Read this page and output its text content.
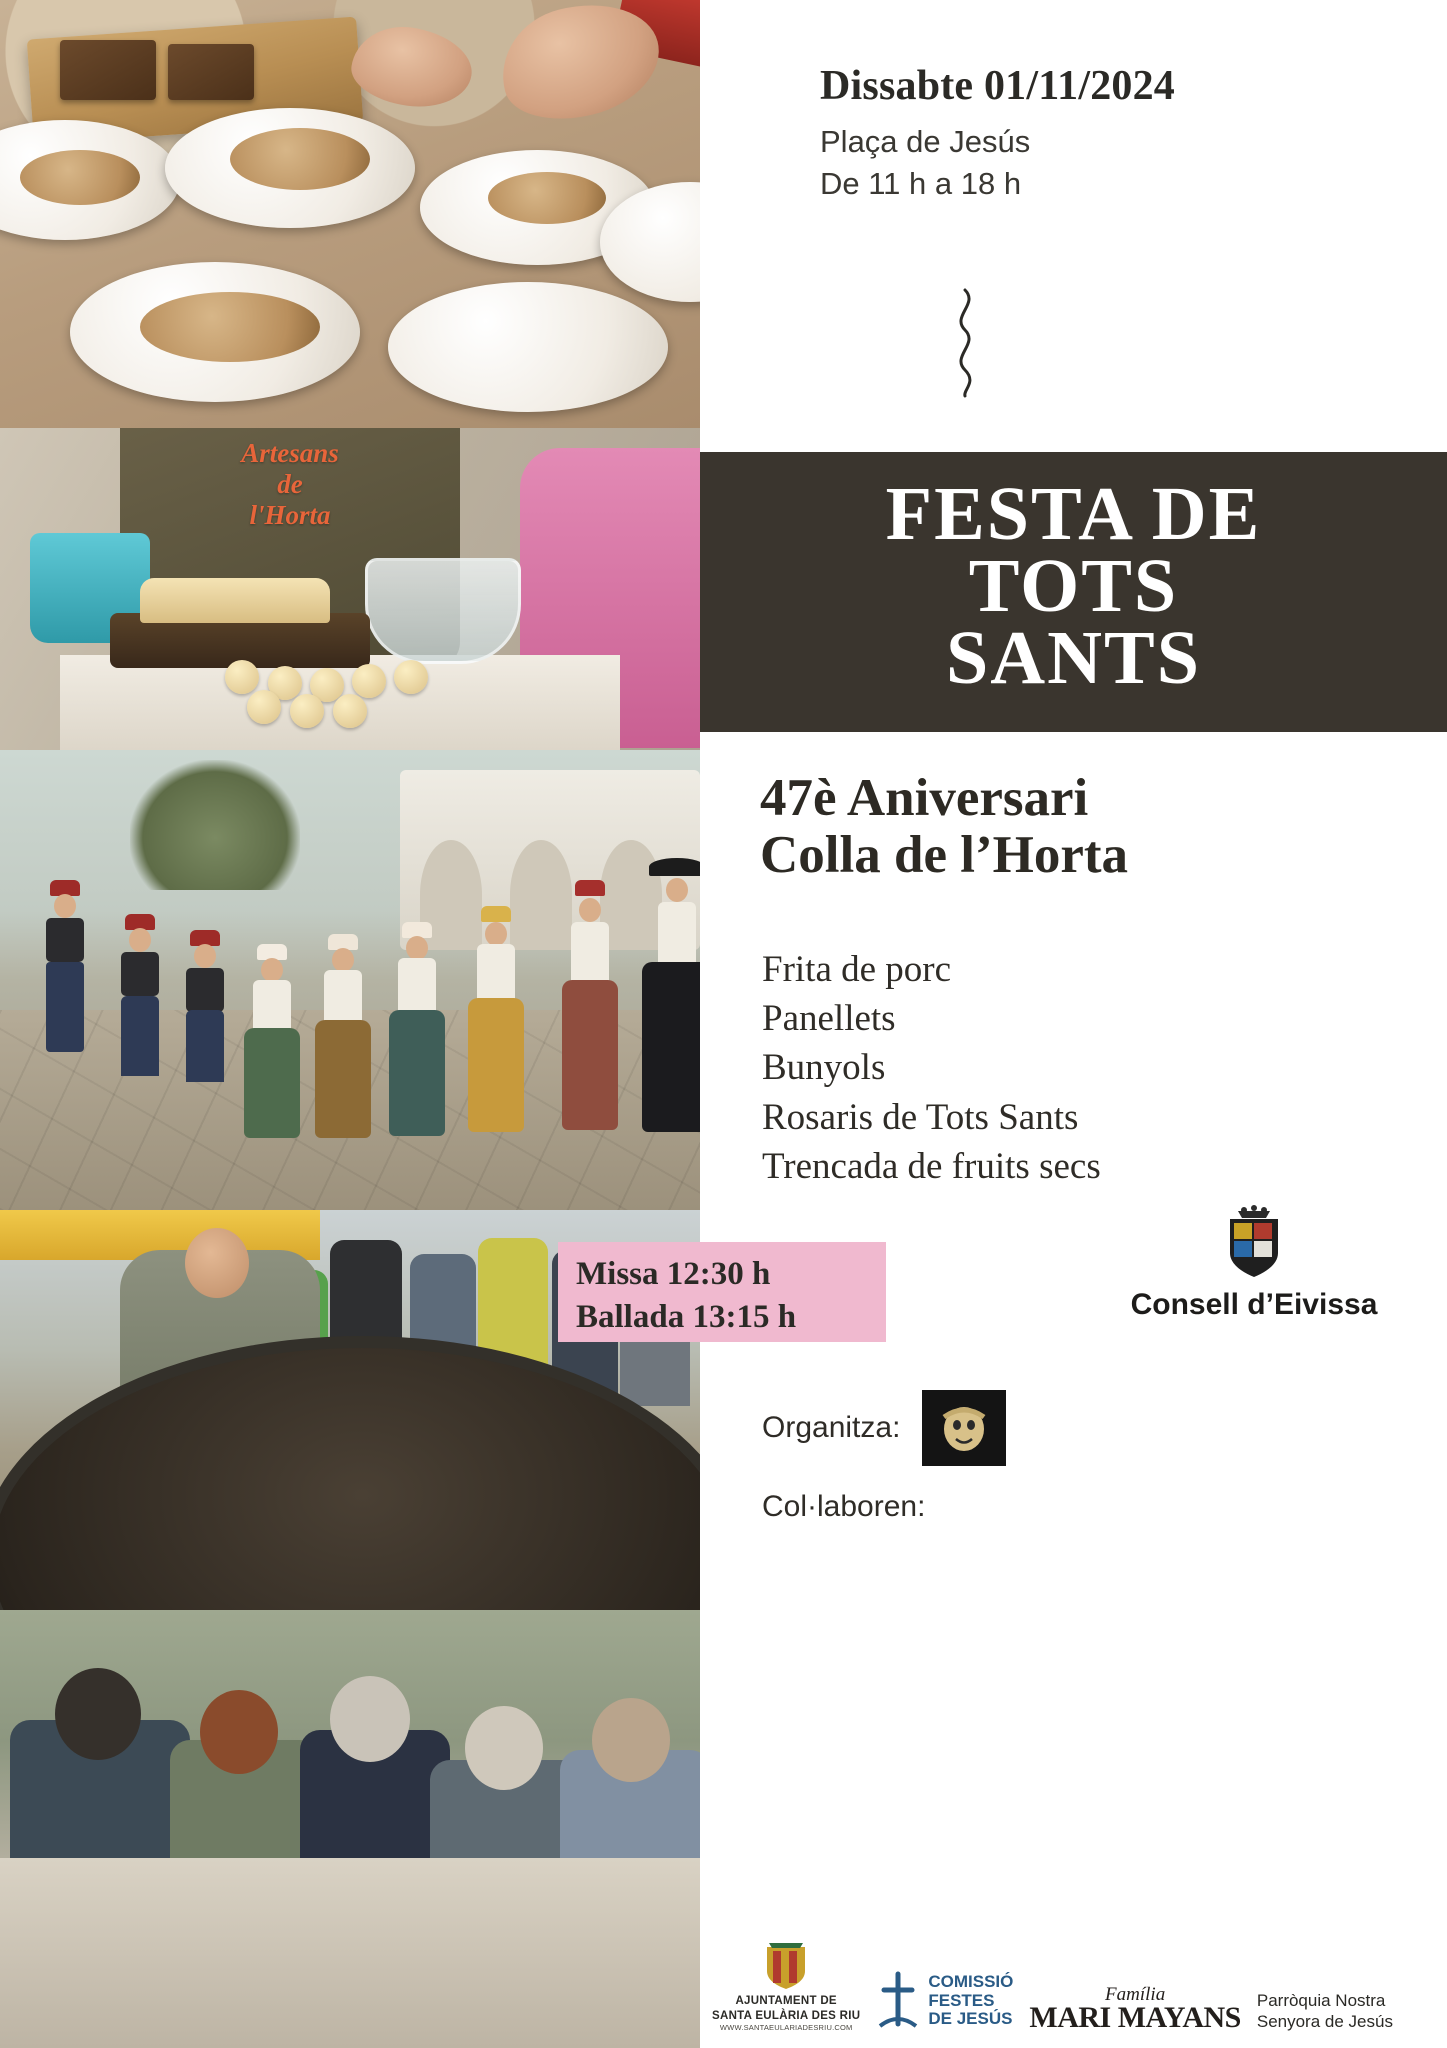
Artesans
de
l'Horta

Dissabte 01/11/2024

Plaça de Jesús

De 11 h a 18 h

FESTA DE

TOTS

SANTS

47è Aniversari
Colla de l’Horta
Frita de porc
Panellets
Bunyols
Rosaris de Tots Sants
Trencada de fruits secs
Missa 12:30 h
Ballada 13:15 h	Consell d’Eivissa
Organitza:
Col·laboren:
AJUNTAMENT DE
SANTA EULÀRIA DES RIU
WWW.SANTAEULARIADESRIU.COM
COMISSIÓ
FESTES
DE JESÚS
Família
MARI MAYANS
Parròquia Nostra
Senyora de Jesús
